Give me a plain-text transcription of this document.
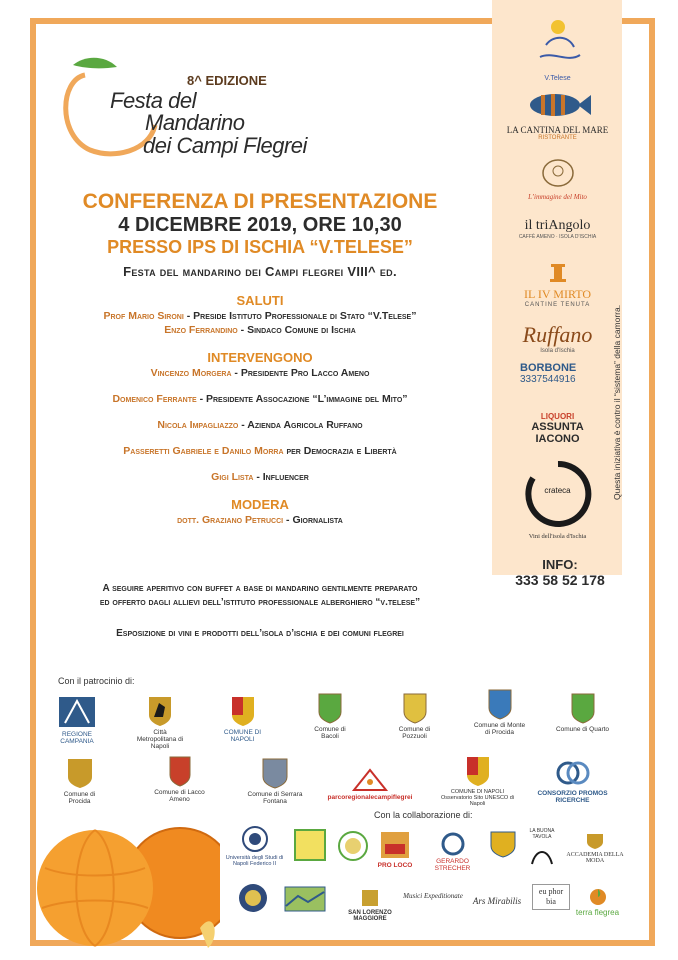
8^ EDIZIONE
Festa del
Mandarino
dei Campi Flegrei

CONFERENZA DI PRESENTAZIONE

4 DICEMBRE 2019, ORE 10,30

PRESSO IPS DI ISCHIA “V.TELESE”

Festa del mandarino dei Campi flegrei VIII^ ed.

SALUTI

Prof Mario Sironi - Preside Istituto Professionale di Stato “V.Telese”

Enzo Ferrandino - Sindaco Comune di Ischia

INTERVENGONO

Vincenzo Morgera - Presidente Pro Lacco Ameno

Domenico Ferrante - Presidente Assocazione “L’immagine del Mito”

Nicola Impagliazzo - Azienda Agricola Ruffano

Passeretti Gabriele e Danilo Morra per Democrazia e Libertà

Gigi Lista - Influencer

MODERA

dott. Graziano Petrucci - Giornalista

A seguire aperitivo con buffet a base di mandarino gentilmente preparato
ed offerto dagli allievi dell’istituto professionale alberghiero “v.telese”
Esposizione di vini e prodotti dell’isola d’ischia e dei comuni flegrei
V.Telese
LA CANTINA DEL MARE
RISTORANTE
L’immagine del Mito
il triAngolo
CAFFÈ AMENO · ISOLA D'ISCHIA
IL IV MIRTO
CANTINE TENUTA
Ruffano
Isola d'Ischia
BORBONE
3337544916
LIQUORI
ASSUNTA
IACONO
crateca
Vini dell'isola d'Ischia
INFO:
333 58 52 178
Questa iniziativa è contro il “sistema” della camorra.
Con il patrocinio di:
REGIONE CAMPANIA
Città Metropolitana di Napoli
COMUNE DI NAPOLI
Comune di Bacoli
Comune di Pozzuoli
Comune di Monte di Procida	Comune di Quarto
Comune di Procida
Comune di Lacco Ameno
Comune di Serrara Fontana
parcoregionalecampiflegrei
COMUNE DI NAPOLI Osservatorio Sito UNESCO di Napoli
CONSORZIO PROMOS RICERCHE
Con la collaborazione di:
Università degli Studi di Napoli Federico II	PRO LOCO
GERARDO STRECHER
LA BUONA TAVOLA
ACCADEMIA DELLA MODA
SAN LORENZO MAGGIORE
Musici Expeditionate	Ars Mirabilis
eu phor bia
terra flegrea
